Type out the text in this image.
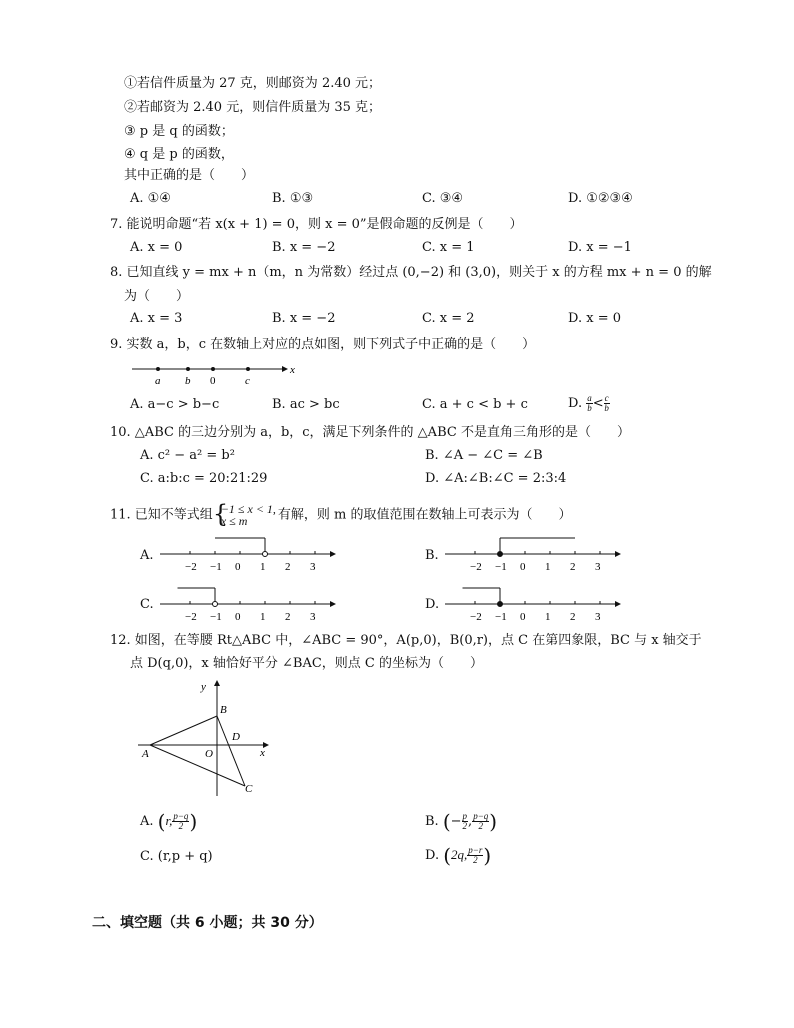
①若信件质量为 27 克，则邮资为 2.40 元；
②若邮资为 2.40 元，则信件质量为 35 克；
③ p 是 q 的函数；
④ q 是 p 的函数，
其中正确的是（　　）
A. ①④	B. ①③	C. ③④	D. ①②③④
7. 能说明命题“若 x(x + 1) = 0，则 x = 0”是假命题的反例是（　　）
A. x = 0	B. x = −2	C. x = 1	D. x = −1
8. 已知直线 y = mx + n（m，n 为常数）经过点 (0,−2) 和 (3,0)，则关于 x 的方程 mx + n = 0 的解
为（　　）
A. x = 3	B. x = −2	C. x = 2	D. x = 0
9. 实数 a，b，c 在数轴上对应的点如图，则下列式子中正确的是（　　）
a b 0	c
x
A. a−c > b−c	B. ac > bc	C. a + c < b + c	D. $\frac{a}{b} < \frac{c}{b}$
10. △ABC 的三边分别为 a，b，c，满足下列条件的 △ABC 不是直角三角形的是（　　）
A. c² − a² = b²	B. ∠A − ∠C = ∠B
C. a:b:c = 20:21:29	D. ∠A:∠B:∠C = 2:3:4
11. 已知不等式组 {
−1 ≤ x < 1,
x ≤ m	有解，则 m 的取值范围在数轴上可表示为（　　）
A.	B.
C.	D.
−2 −1 0 1 2 3	−2 −1 0 1 2 3
−2 −1 0 1 2 3	−2 −1 0 1 2 3
12. 如图，在等腰 Rt△ABC 中，∠ABC = 90°，A(p,0)，B(0,r)，点 C 在第四象限，BC 与 x 轴交于
点 D(q,0)，x 轴恰好平分 ∠BAC，则点 C 的坐标为（　　）
y
x
A
B
C
D
O
A. (r, $\frac{p-q}{2}$ )	B. (− $\frac{p}{2}$ , $\frac{p-q}{2}$ )
C. (r,p + q)	D. (2q, $\frac{p-r}{2}$ )
二、填空题（共 6 小题；共 30 分）
